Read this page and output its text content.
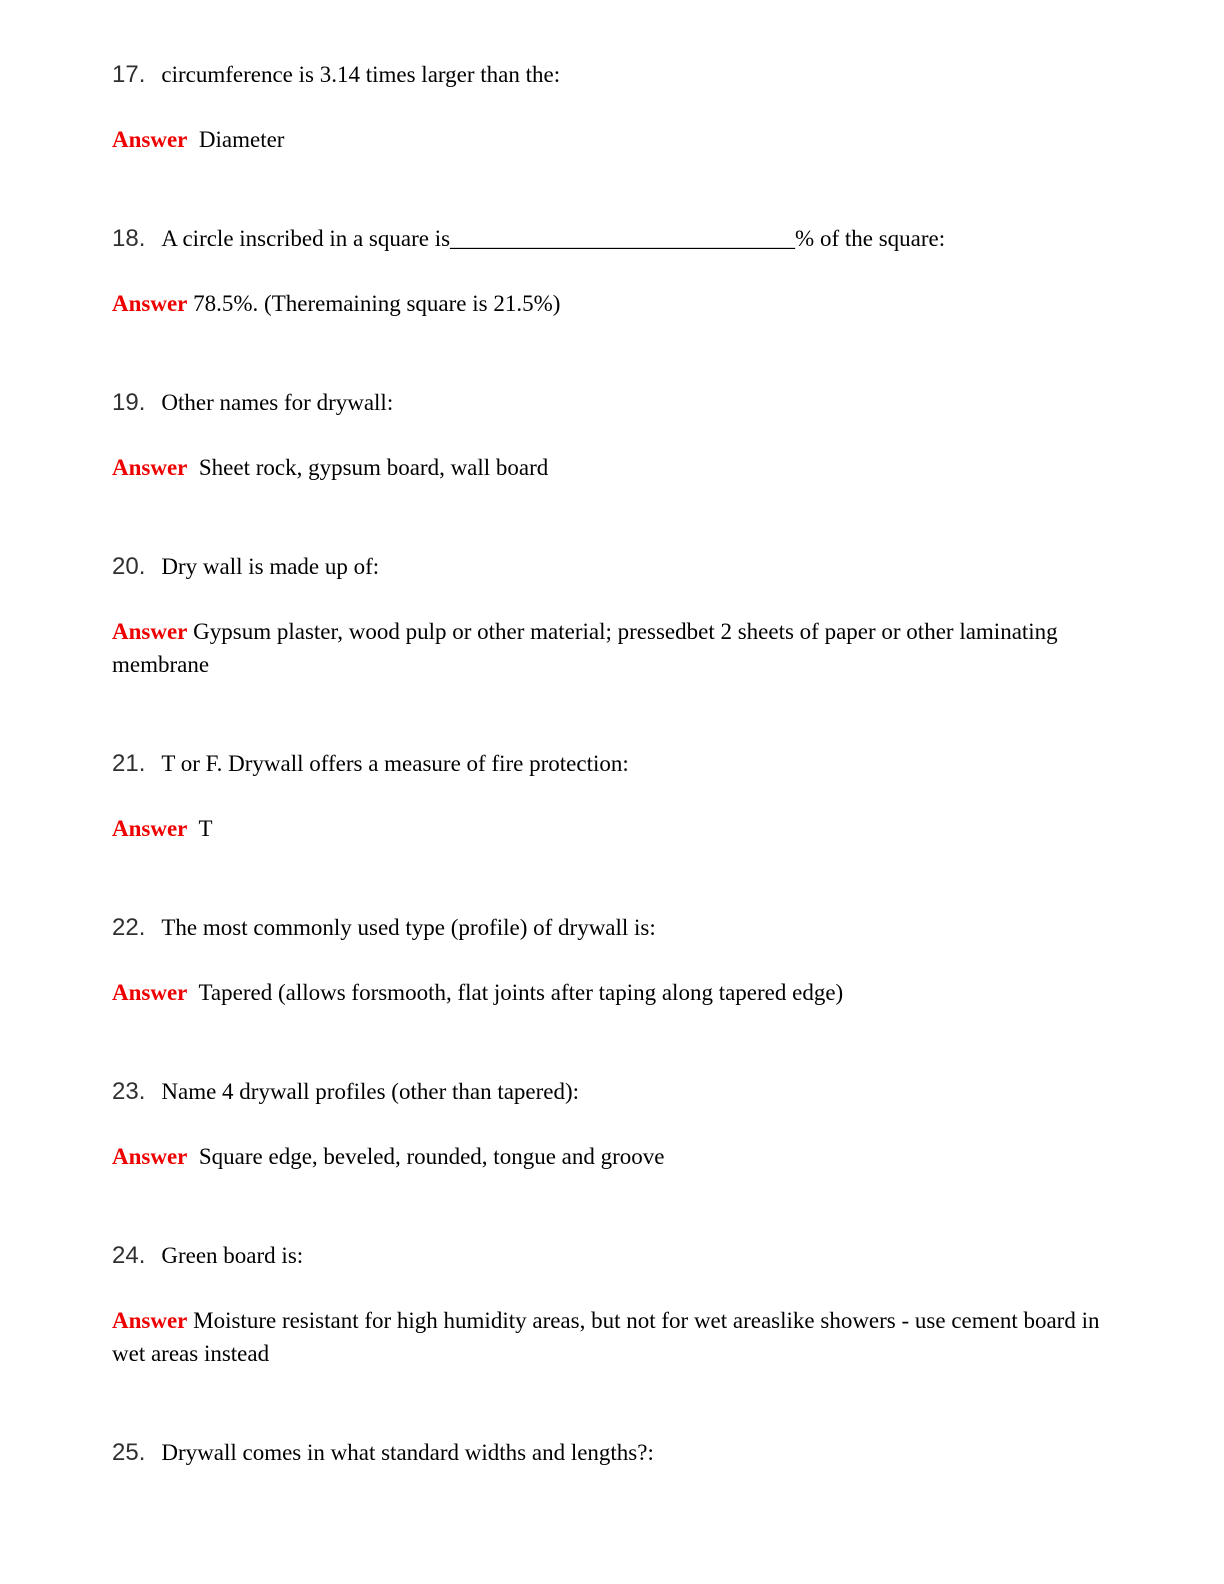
17. circumference is 3.14 times larger than the:

Answer  Diameter

18. A circle inscribed in a square is______________________________% of the square:

Answer 78.5%. (Theremaining square is 21.5%)

19. Other names for drywall:

Answer  Sheet rock, gypsum board, wall board

20. Dry wall is made up of:

Answer Gypsum plaster, wood pulp or other material; pressedbet 2 sheets of paper or other laminating membrane

21. T or F. Drywall offers a measure of fire protection:

Answer  T

22. The most commonly used type (profile) of drywall is:

Answer  Tapered (allows forsmooth, flat joints after taping along tapered edge)

23. Name 4 drywall profiles (other than tapered):

Answer  Square edge, beveled, rounded, tongue and groove

24. Green board is:

Answer Moisture resistant for high humidity areas, but not for wet areaslike showers - use cement board in wet areas instead

25. Drywall comes in what standard widths and lengths?:
